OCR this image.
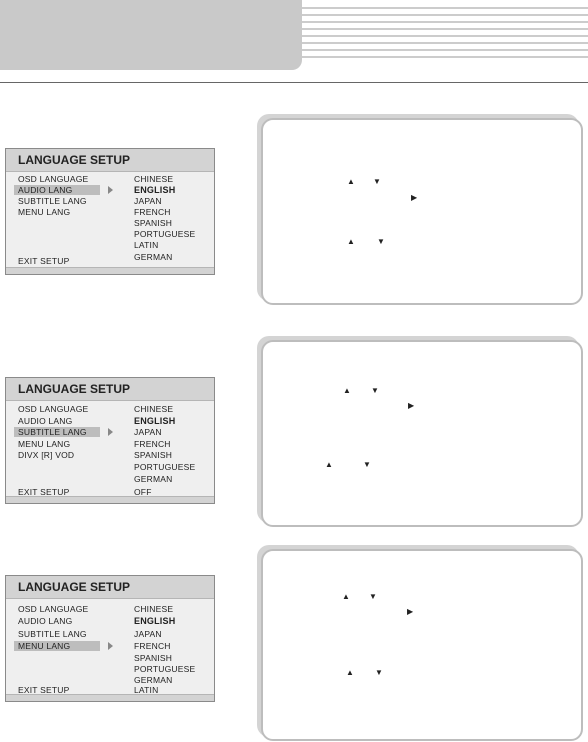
LANGUAGE SETUP
OSD LANGUAGE
AUDIO LANG
SUBTITLE LANG
MENU LANG
EXIT SETUP
CHINESE
ENGLISH
JAPAN
FRENCH
SPANISH
PORTUGUESE
LATIN
GERMAN
LANGUAGE SETUP
OSD LANGUAGE
AUDIO LANG
SUBTITLE LANG
MENU LANG
DIVX [R] VOD
EXIT SETUP
CHINESE
ENGLISH
JAPAN
FRENCH
SPANISH
PORTUGUESE
GERMAN
OFF
LANGUAGE SETUP
OSD LANGUAGE
AUDIO LANG
SUBTITLE LANG
MENU LANG
EXIT SETUP
CHINESE
ENGLISH
JAPAN
FRENCH
SPANISH
PORTUGUESE
GERMAN
LATIN
▲ ▼
▶
▲	▼
▲	▼
▶
▲	▼
▲ ▼
▶
▲	▼
